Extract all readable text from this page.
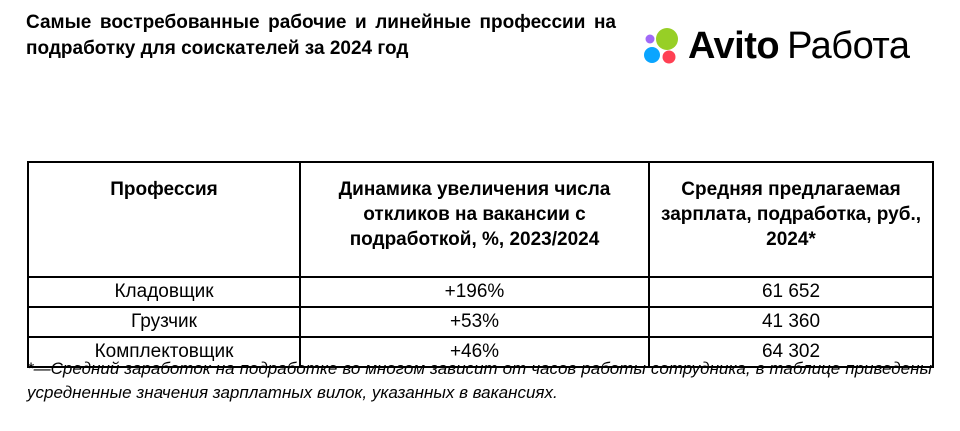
Самые востребованные рабочие и линейные профессии на подработку для соискателей за 2024 год	Avito Работа
Профессия	Динамика увеличения числа откликов на вакансии с подработкой, %, 2023/2024	Средняя предлагаемая зарплата, подработка, руб., 2024*
Кладовщик	+196%	61 652
Грузчик	+53%	41 360
Комплектовщик	+46%	64 302

*—Средний заработок на подработке во многом зависит от часов работы сотрудника, в таблице приведены усредненные значения зарплатных вилок, указанных в вакансиях.
